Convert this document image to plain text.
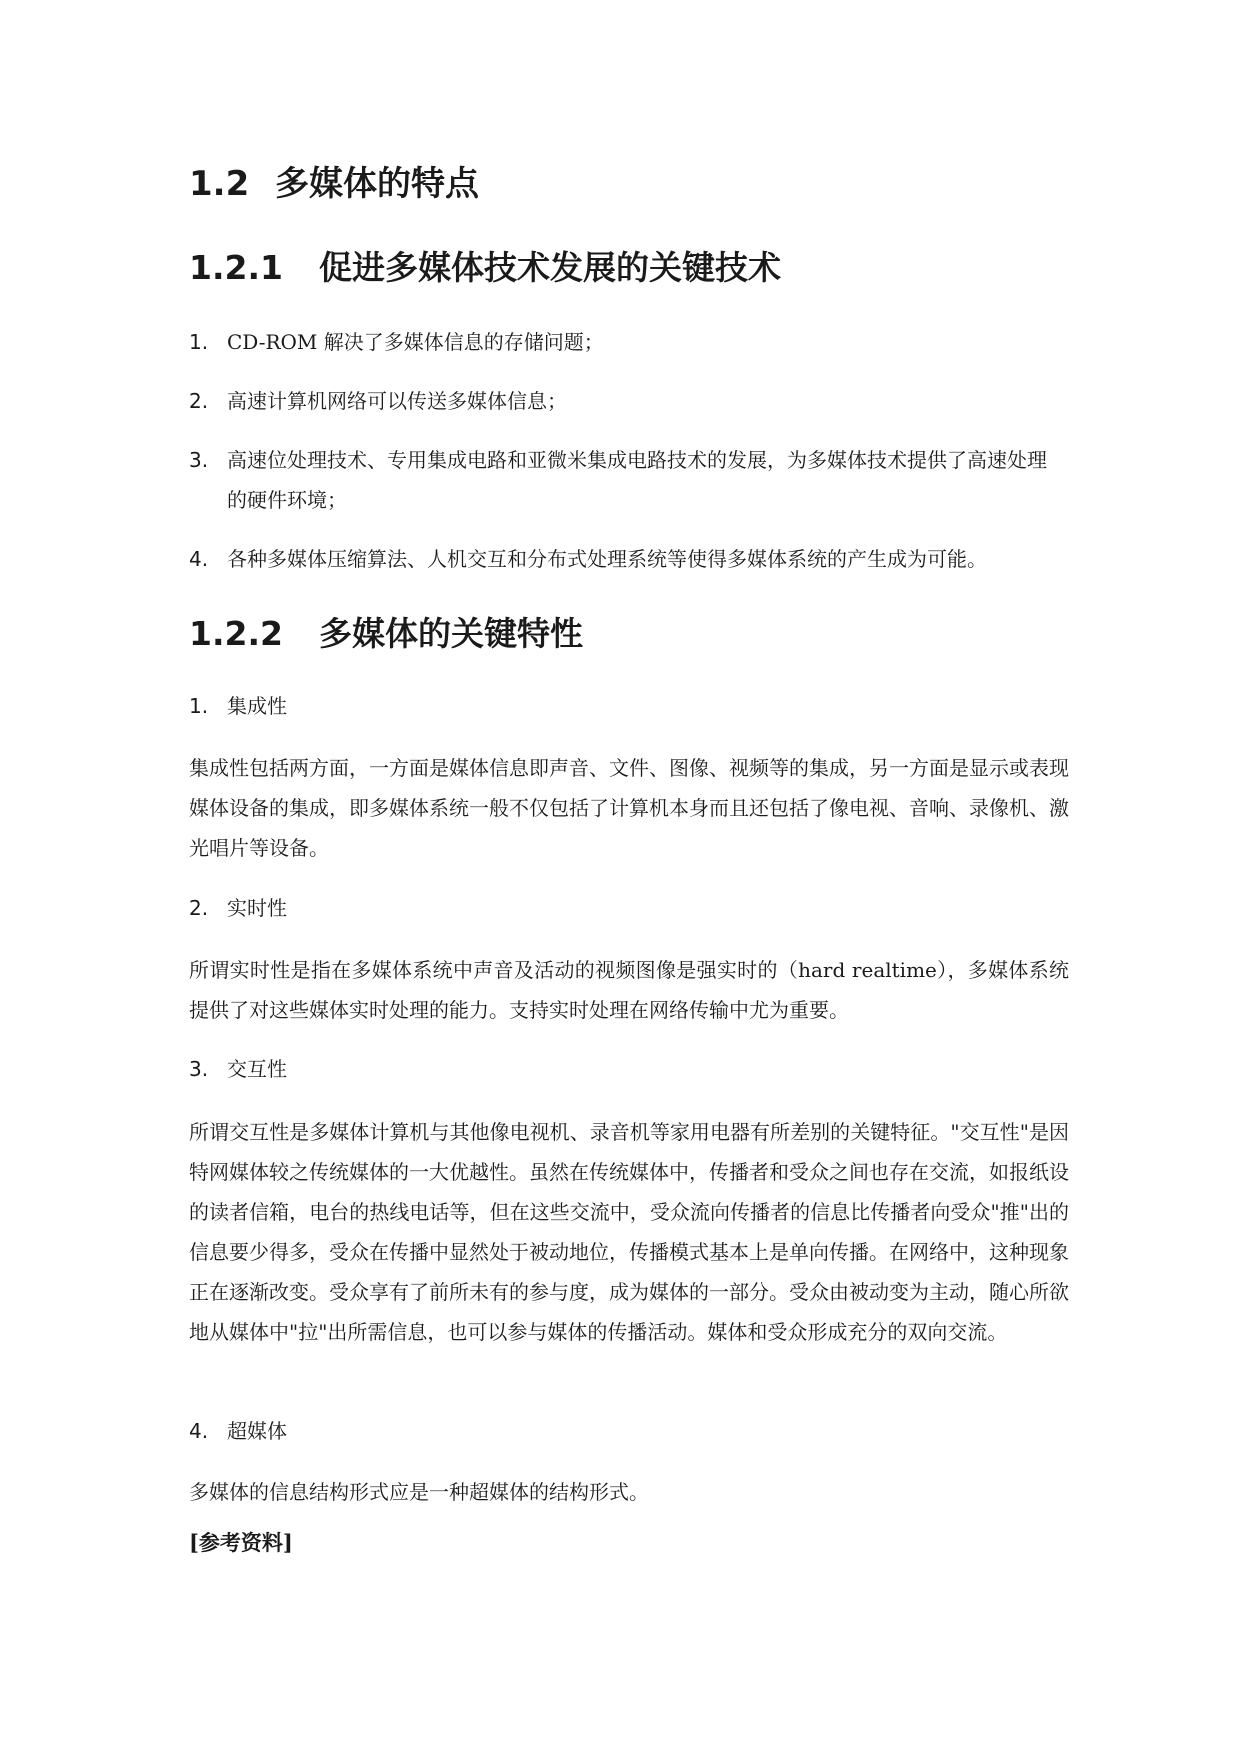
1.2 多媒体的特点
1.2.1 促进多媒体技术发展的关键技术
1. CD-ROM 解决了多媒体信息的存储问题；
2. 高速计算机网络可以传送多媒体信息；
3. 高速位处理技术、专用集成电路和亚微米集成电路技术的发展，为多媒体技术提供了高速处理的硬件环境；
4. 各种多媒体压缩算法、人机交互和分布式处理系统等使得多媒体系统的产生成为可能。
1.2.2 多媒体的关键特性
1. 集成性

集成性包括两方面，一方面是媒体信息即声音、文件、图像、视频等的集成，另一方面是显示或表现媒体设备的集成，即多媒体系统一般不仅包括了计算机本身而且还包括了像电视、音响、录像机、激光唱片等设备。

2. 实时性

所谓实时性是指在多媒体系统中声音及活动的视频图像是强实时的（hard realtime），多媒体系统提供了对这些媒体实时处理的能力。支持实时处理在网络传输中尤为重要。

3. 交互性

所谓交互性是多媒体计算机与其他像电视机、录音机等家用电器有所差别的关键特征。"交互性"是因特网媒体较之传统媒体的一大优越性。虽然在传统媒体中，传播者和受众之间也存在交流，如报纸设的读者信箱，电台的热线电话等，但在这些交流中，受众流向传播者的信息比传播者向受众"推"出的信息要少得多，受众在传播中显然处于被动地位，传播模式基本上是单向传播。在网络中，这种现象正在逐渐改变。受众享有了前所未有的参与度，成为媒体的一部分。受众由被动变为主动，随心所欲地从媒体中"拉"出所需信息，也可以参与媒体的传播活动。媒体和受众形成充分的双向交流。

4. 超媒体

多媒体的信息结构形式应是一种超媒体的结构形式。

[参考资料]
